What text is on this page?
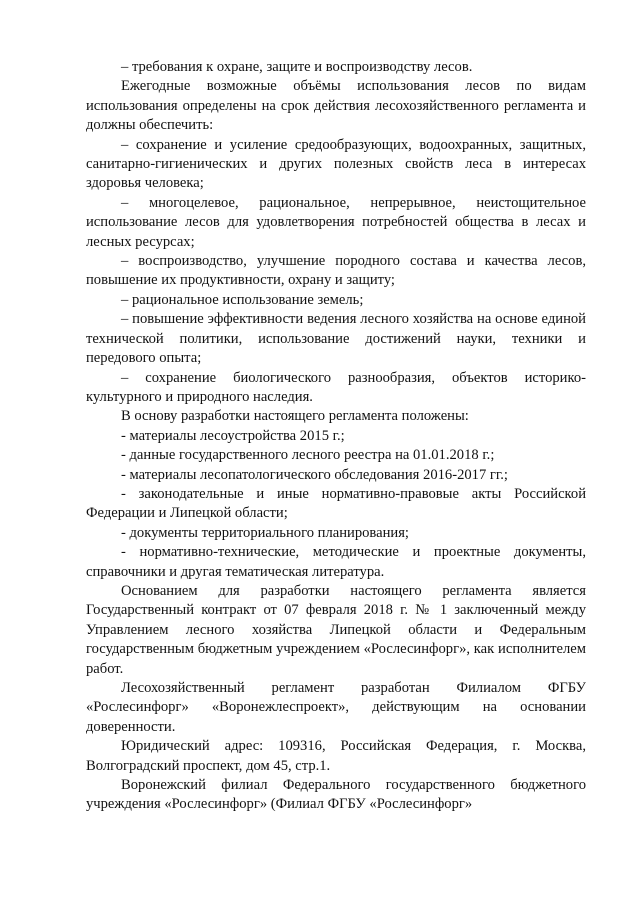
– требования к охране, защите и воспроизводству лесов.

Ежегодные возможные объёмы использования лесов по видам использования определены на срок действия лесохозяйственного регламента и должны обеспечить:

– сохранение и усиление средообразующих, водоохранных, защитных, санитарно-гигиенических и других полезных свойств леса в интересах здоровья человека;

– многоцелевое, рациональное, непрерывное, неистощительное использование лесов для удовлетворения потребностей общества в лесах и лесных ресурсах;

– воспроизводство, улучшение породного состава и качества лесов, повышение их продуктивности, охрану и защиту;

– рациональное использование земель;

– повышение эффективности ведения лесного хозяйства на основе единой технической политики, использование достижений науки, техники и передового опыта;

– сохранение биологического разнообразия, объектов историко-культурного и природного наследия.

В основу разработки настоящего регламента положены:

- материалы лесоустройства 2015 г.;

- данные государственного лесного реестра на 01.01.2018 г.;

- материалы лесопатологического обследования 2016-2017 гг.;

- законодательные и иные нормативно-правовые акты Российской Федерации и Липецкой области;

- документы территориального планирования;

- нормативно-технические, методические и проектные документы, справочники и другая тематическая литература.

Основанием для разработки настоящего регламента является Государственный контракт от 07 февраля 2018 г. № 1 заключенный между Управлением лесного хозяйства Липецкой области и Федеральным государственным бюджетным учреждением «Рослесинфорг», как исполнителем работ.

Лесохозяйственный регламент разработан Филиалом ФГБУ «Рослесинфорг» «Воронежлеспроект», действующим на основании доверенности.

Юридический адрес: 109316, Российская Федерация, г. Москва, Волгоградский проспект, дом 45, стр.1.

Воронежский филиал Федерального государственного бюджетного учреждения «Рослесинфорг» (Филиал ФГБУ «Рослесинфорг»
